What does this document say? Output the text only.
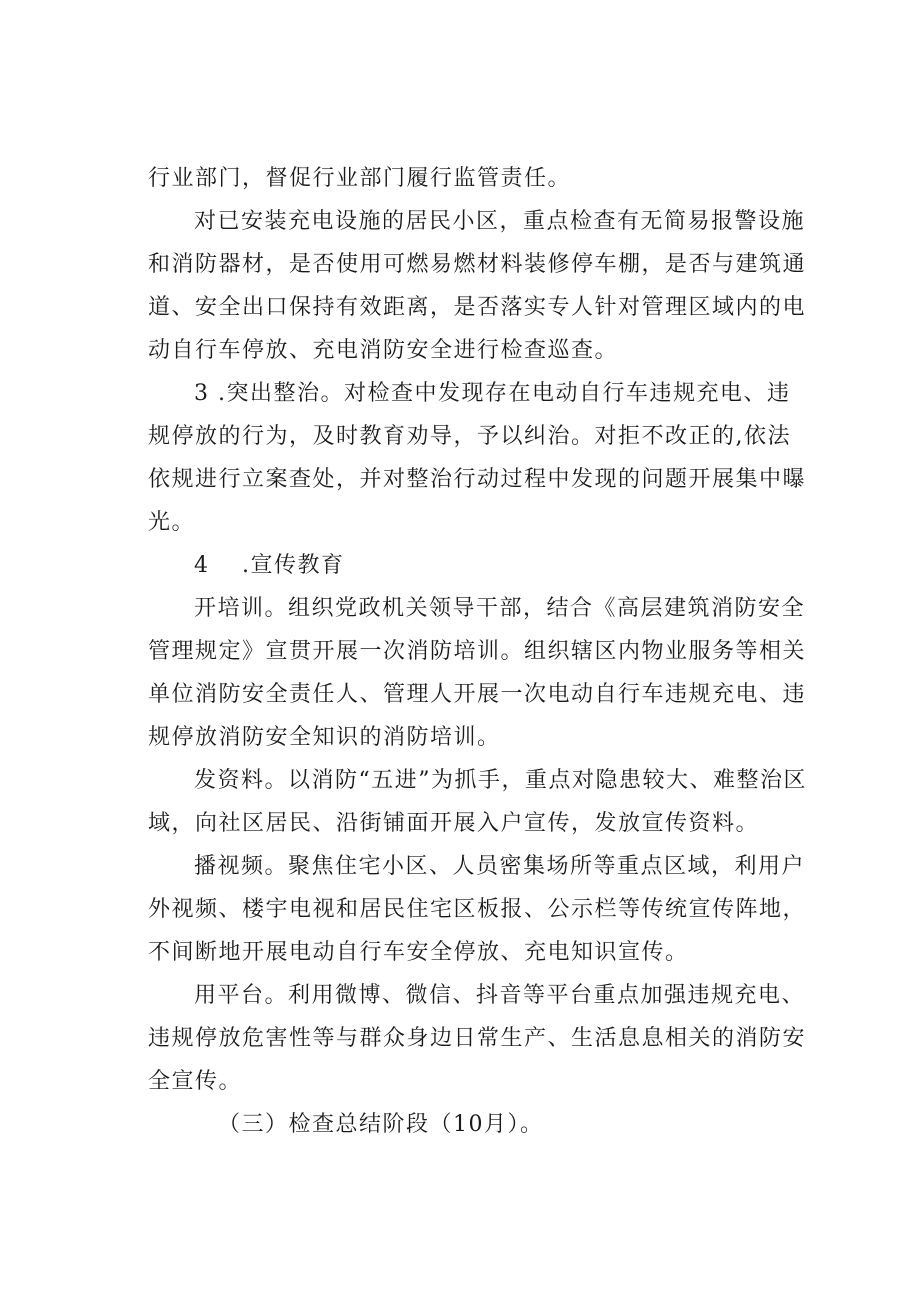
行业部门，督促行业部门履行监管责任。

对已安装充电设施的居民小区，重点检查有无简易报警设施和消防器材，是否使用可燃易燃材料装修停车棚，是否与建筑通道、安全出口保持有效距离，是否落实专人针对管理区域内的电动自行车停放、充电消防安全进行检查巡查。

3 .突出整治。对检查中发现存在电动自行车违规充电、违规停放的行为，及时教育劝导，予以纠治。对拒不改正的,依法依规进行立案查处，并对整治行动过程中发现的问题开展集中曝光。

4 .宣传教育

开培训。组织党政机关领导干部，结合《高层建筑消防安全管理规定》宣贯开展一次消防培训。组织辖区内物业服务等相关单位消防安全责任人、管理人开展一次电动自行车违规充电、违规停放消防安全知识的消防培训。

发资料。以消防“五进”为抓手，重点对隐患较大、难整治区域，向社区居民、沿街铺面开展入户宣传，发放宣传资料。

播视频。聚焦住宅小区、人员密集场所等重点区域，利用户外视频、楼宇电视和居民住宅区板报、公示栏等传统宣传阵地，不间断地开展电动自行车安全停放、充电知识宣传。

用平台。利用微博、微信、抖音等平台重点加强违规充电、违规停放危害性等与群众身边日常生产、生活息息相关的消防安全宣传。

（三）检查总结阶段（10月）。
